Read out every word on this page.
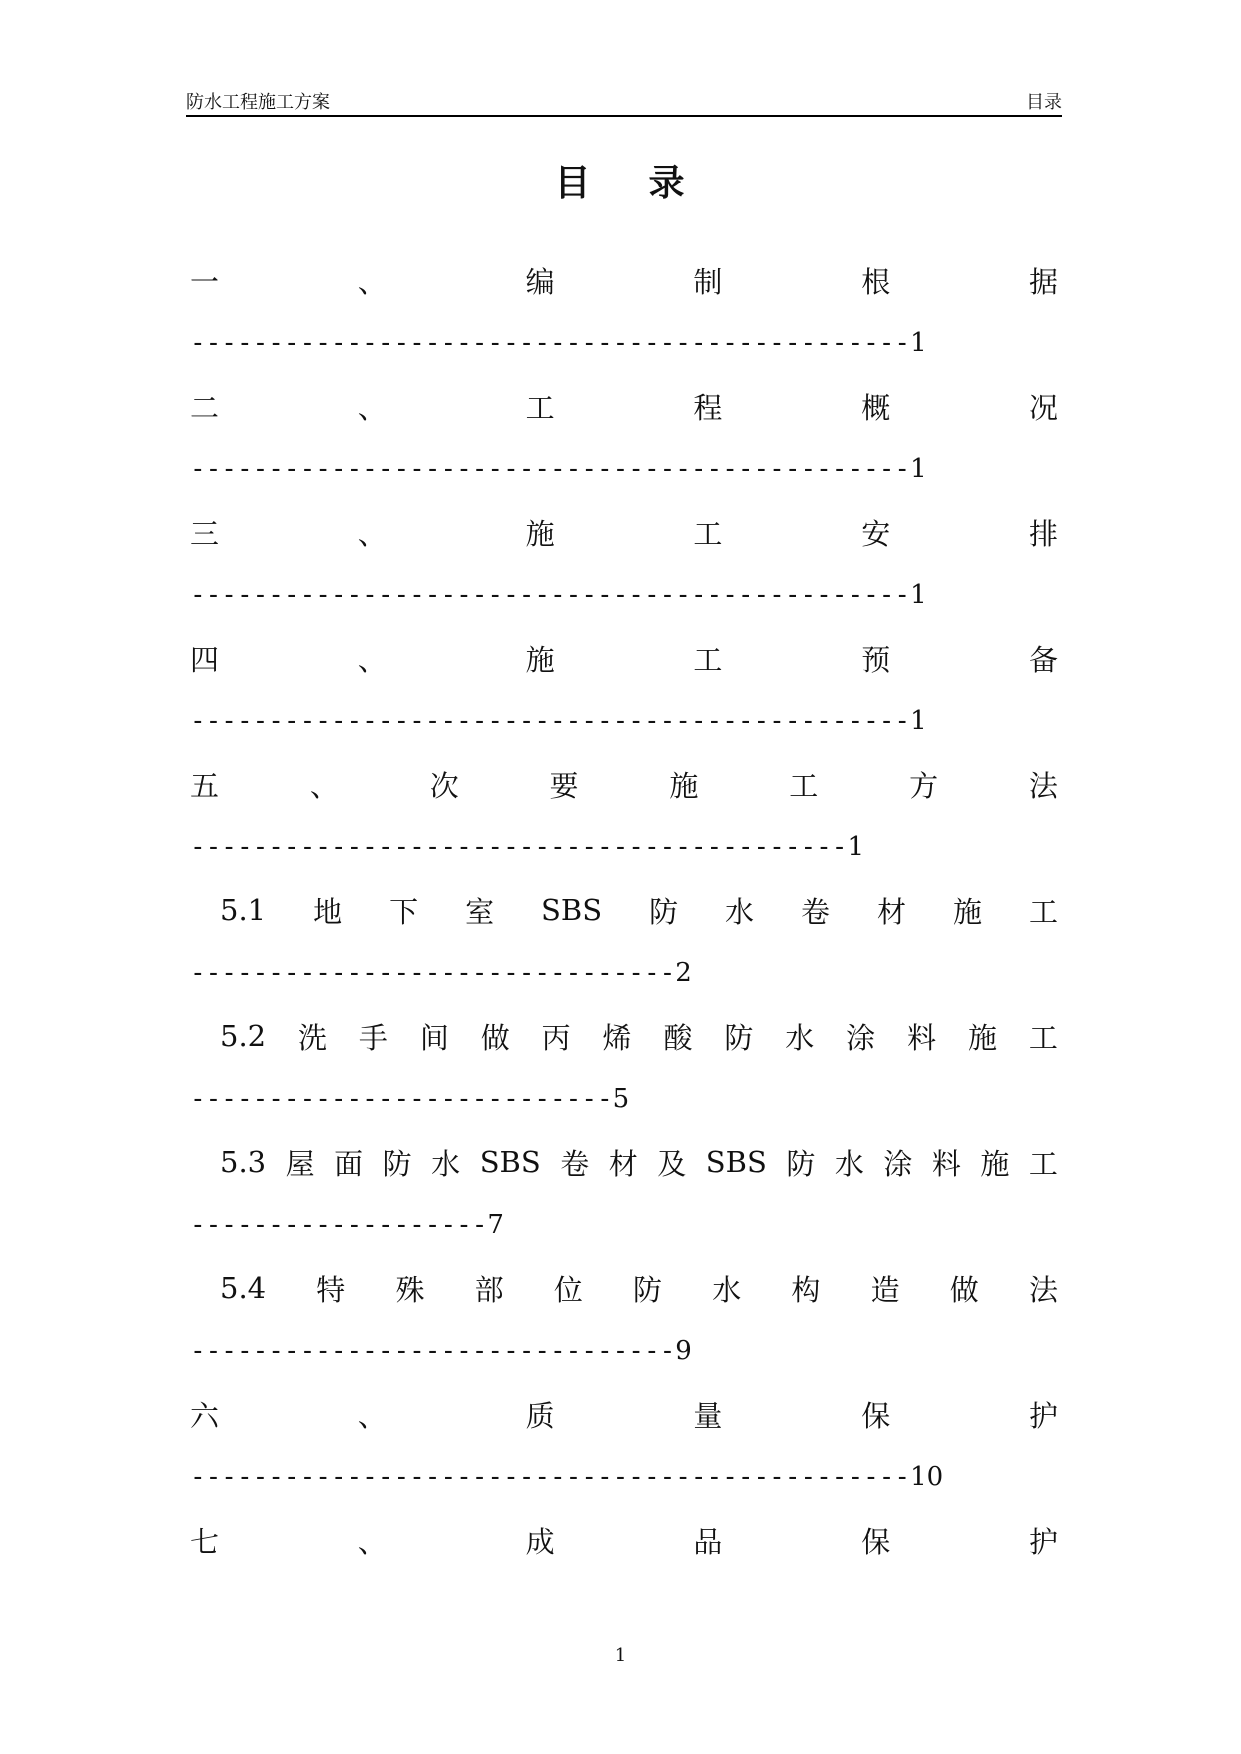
防水工程施工方案	目录
目 录
一	、	编	制	根	据
---------------------------------------------- 1
二	、	工	程	概	况
---------------------------------------------- 1
三	、	施	工	安	排
---------------------------------------------- 1
四	、	施	工	预	备
---------------------------------------------- 1
五	、	次	要	施	工	方	法
------------------------------------------ 1
5.1 地 下 室 SBS 防 水 卷 材 施 工
------------------------------- 2
5.2 洗 手 间 做 丙 烯 酸 防 水 涂 料 施 工
--------------------------- 5
5.3 屋 面 防 水 SBS 卷 材 及 SBS 防 水 涂 料 施 工
------------------- 7
5.4 特 殊 部 位 防 水 构 造 做 法
------------------------------- 9
六	、	质	量	保	护
---------------------------------------------- 10
七	、	成	品	保	护
1
